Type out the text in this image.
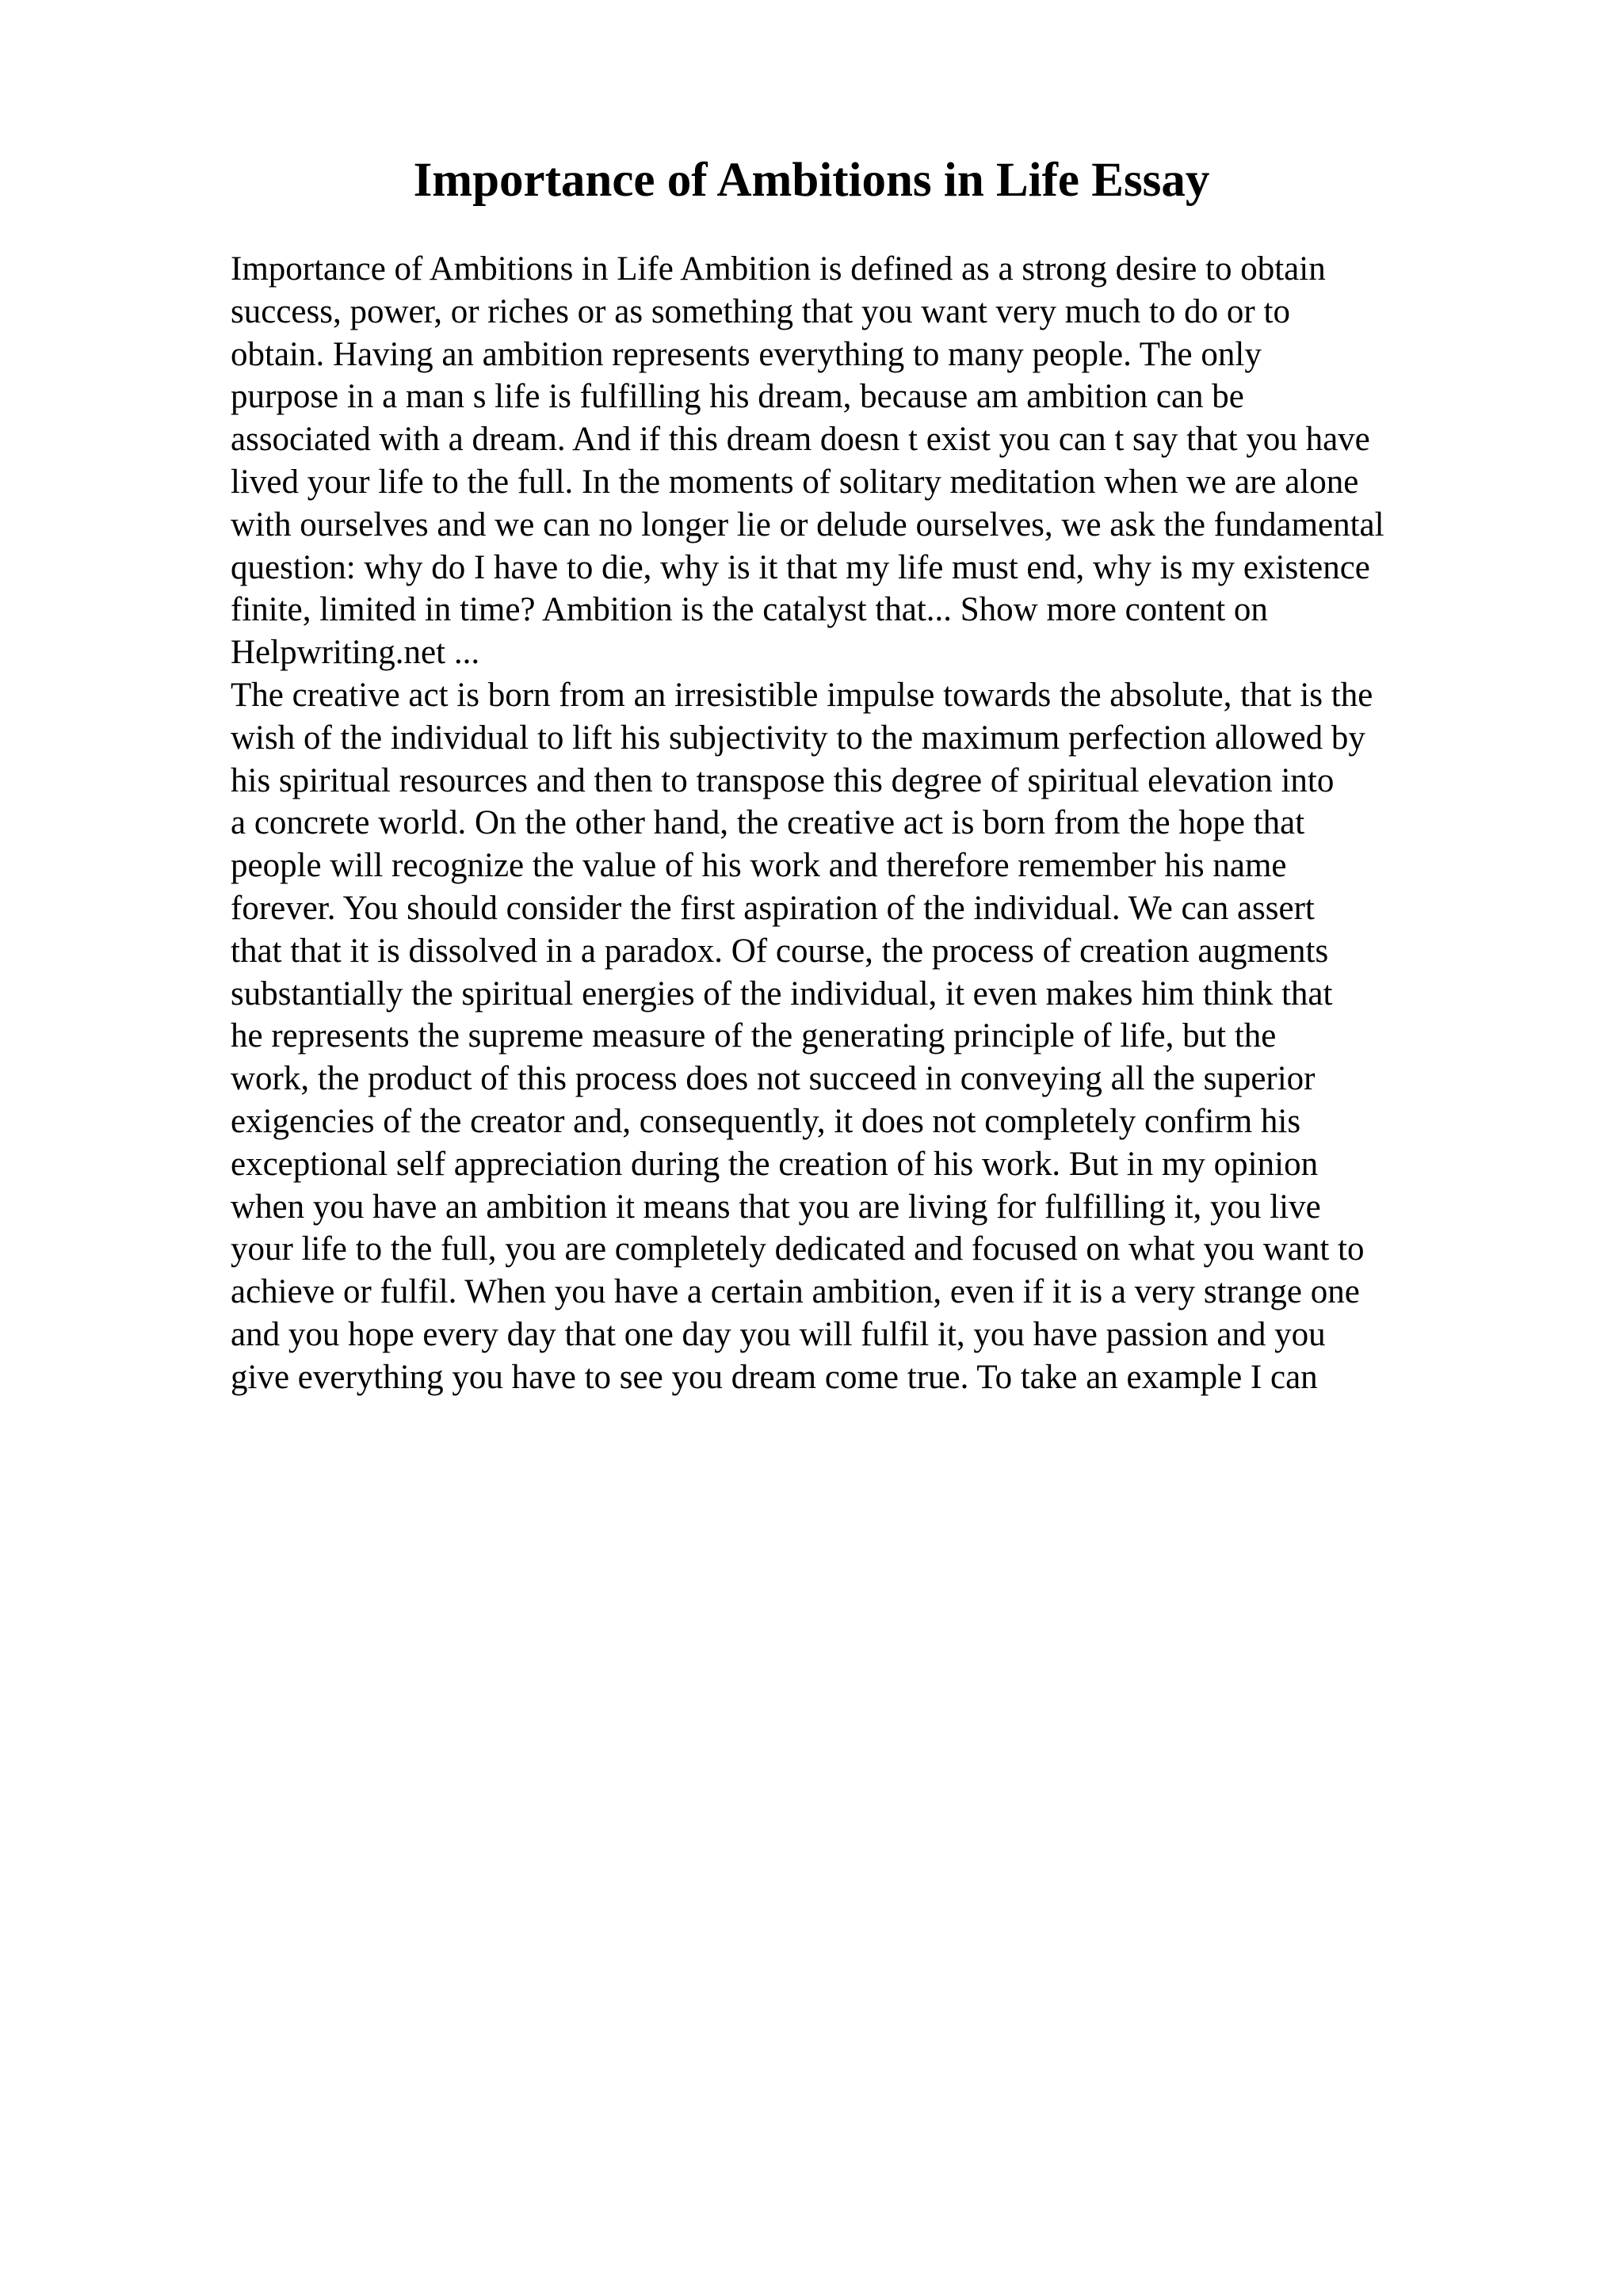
Importance of Ambitions in Life Essay
Importance of Ambitions in Life Ambition is defined as a strong desire to obtain
success, power, or riches or as something that you want very much to do or to
obtain. Having an ambition represents everything to many people. The only
purpose in a man s life is fulfilling his dream, because am ambition can be
associated with a dream. And if this dream doesn t exist you can t say that you have
lived your life to the full. In the moments of solitary meditation when we are alone
with ourselves and we can no longer lie or delude ourselves, we ask the fundamental
question: why do I have to die, why is it that my life must end, why is my existence
finite, limited in time? Ambition is the catalyst that... Show more content on
Helpwriting.net ...
The creative act is born from an irresistible impulse towards the absolute, that is the
wish of the individual to lift his subjectivity to the maximum perfection allowed by
his spiritual resources and then to transpose this degree of spiritual elevation into
a concrete world. On the other hand, the creative act is born from the hope that
people will recognize the value of his work and therefore remember his name
forever. You should consider the first aspiration of the individual. We can assert
that that it is dissolved in a paradox. Of course, the process of creation augments
substantially the spiritual energies of the individual, it even makes him think that
he represents the supreme measure of the generating principle of life, but the
work, the product of this process does not succeed in conveying all the superior
exigencies of the creator and, consequently, it does not completely confirm his
exceptional self appreciation during the creation of his work. But in my opinion
when you have an ambition it means that you are living for fulfilling it, you live
your life to the full, you are completely dedicated and focused on what you want to
achieve or fulfil. When you have a certain ambition, even if it is a very strange one
and you hope every day that one day you will fulfil it, you have passion and you
give everything you have to see you dream come true. To take an example I can
